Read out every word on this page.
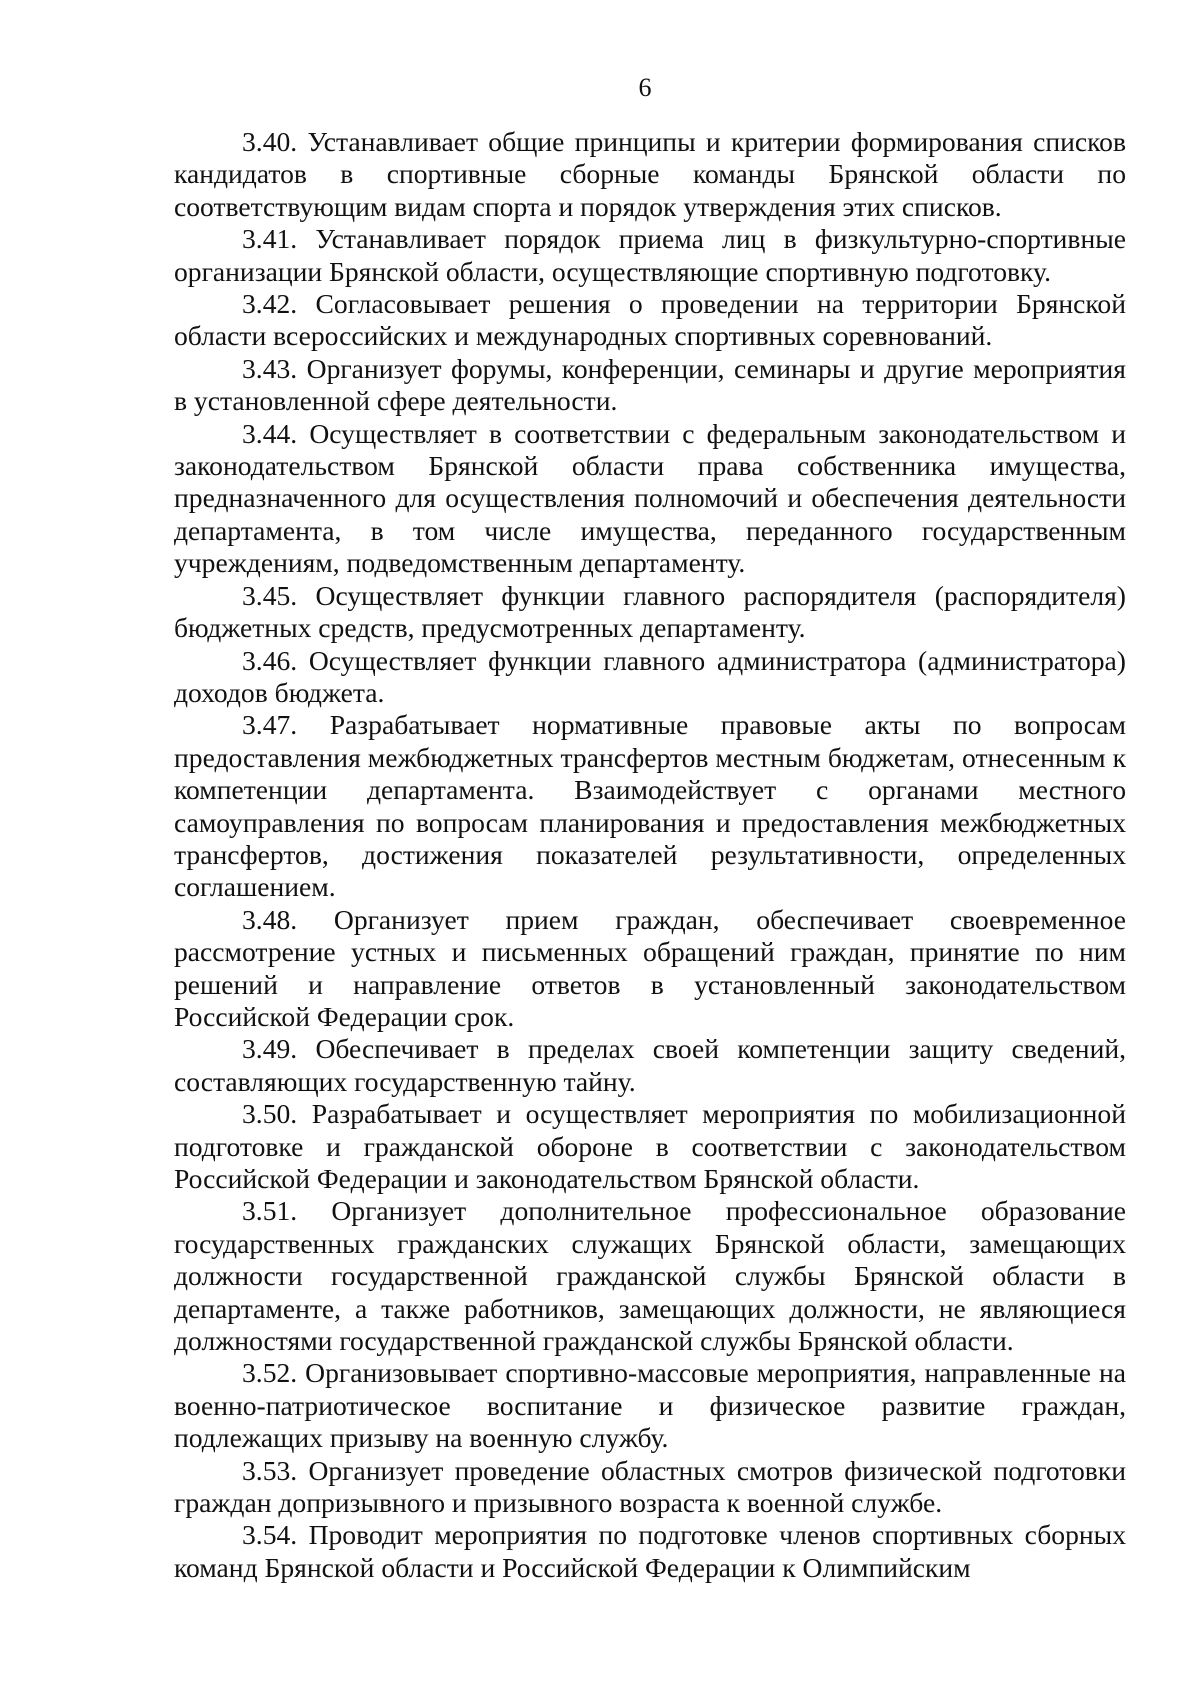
6

3.40. Устанавливает общие принципы и критерии формирования списков кандидатов в спортивные сборные команды Брянской области по соответствующим видам спорта и порядок утверждения этих списков.

3.41. Устанавливает порядок приема лиц в физкультурно-спортивные организации Брянской области, осуществляющие спортивную подготовку.

3.42. Согласовывает решения о проведении на территории Брянской области всероссийских и международных спортивных соревнований.

3.43. Организует форумы, конференции, семинары и другие мероприятия в установленной сфере деятельности.

3.44. Осуществляет в соответствии с федеральным законодательством и законодательством Брянской области права собственника имущества, предназначенного для осуществления полномочий и обеспечения деятельности департамента, в том числе имущества, переданного государственным учреждениям, подведомственным департаменту.

3.45. Осуществляет функции главного распорядителя (распорядителя) бюджетных средств, предусмотренных департаменту.

3.46. Осуществляет функции главного администратора (администратора) доходов бюджета.

3.47. Разрабатывает нормативные правовые акты по вопросам предоставления межбюджетных трансфертов местным бюджетам, отнесенным к компетенции департамента. Взаимодействует с органами местного самоуправления по вопросам планирования и предоставления межбюджетных трансфертов, достижения показателей результативности, определенных соглашением.

3.48. Организует прием граждан, обеспечивает своевременное рассмотрение устных и письменных обращений граждан, принятие по ним решений и направление ответов в установленный законодательством Российской Федерации срок.

3.49. Обеспечивает в пределах своей компетенции защиту сведений, составляющих государственную тайну.

3.50. Разрабатывает и осуществляет мероприятия по мобилизационной подготовке и гражданской обороне в соответствии с законодательством Российской Федерации и законодательством Брянской области.

3.51. Организует дополнительное профессиональное образование государственных гражданских служащих Брянской области, замещающих должности государственной гражданской службы Брянской области в департаменте, а также работников, замещающих должности, не являющиеся должностями государственной гражданской службы Брянской области.

3.52. Организовывает спортивно-массовые мероприятия, направленные на военно-патриотическое воспитание и физическое развитие граждан, подлежащих призыву на военную службу.

3.53. Организует проведение областных смотров физической подготовки граждан допризывного и призывного возраста к военной службе.

3.54. Проводит мероприятия по подготовке членов спортивных сборных команд Брянской области и Российской Федерации к Олимпийским
